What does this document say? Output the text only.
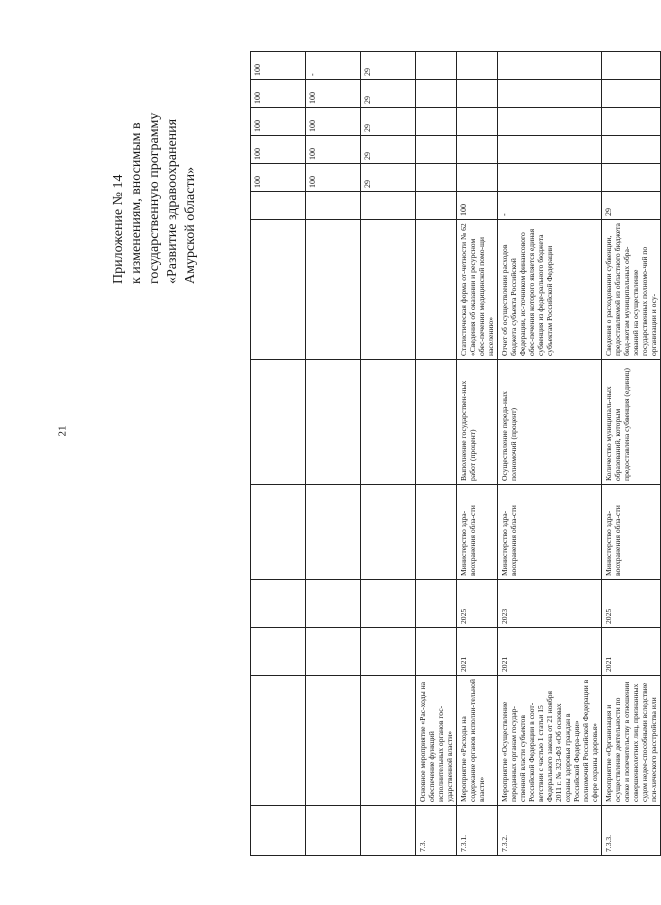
21
Приложение № 14 к изменениям, вносимым в государственную программу «Развитие здравоохранения Амурской области»
									100	100	100	100	100
								100	100	100	100	-
								29	29	29	29	29
7.3.	Основное мероприятие «Рас-ходы на обеспечение функций исполнительных органов гос-ударственной власти»											
7.3.1.	Мероприятие «Расходы на содержание органов исполни-тельной власти»	2021	2025	Министерство здра-воохранения обла-сти	Выполнение государствен-ных работ (процент)	Статистическая форма от-четности № 62 «Сведения об оказании и ресурсном обес-печении медицинской помо-щи населению»	100					
7.3.2.	Мероприятие «Осуществление переданных органам государ-ственной власти субъектов Российской Федерации в соот-ветствии с частью 1 статьи 15 Федерального закона от 21 ноября 2011 г. № 323-ФЗ «Об основах охраны здоровья граждан в Российской Федера-ции» полномочий Российской Федерации в сфере охраны здоровья»	2021	2023	Министерство здра-воохранения обла-сти	Осуществление переда-ных полномочий (процент)	Отчет об осуществлении расходов бюджета субъекта Российской Федерации, ис-точником финансового обес-печения которого является единая субвенция из феде-рального бюджета субъектам Российской Федерации	-					
7.3.3.	Мероприятие «Организация и осуществление деятельности по опеке и попечительству в отношении совершеннолетних лиц, признанных судом недее-способными вследствие пси-хического расстройства или	2021	2025	Министерство здра-воохранения обла-сти	Количество муниципаль-ных образований, которым предоставлена субвенция (единиц)	Сведения о расходовании субвенции, предоставляемой из областного бюджета бюд-жетам муниципальных обра-зований на осуществление государственных полномо-чий по организации и осу-	29					
